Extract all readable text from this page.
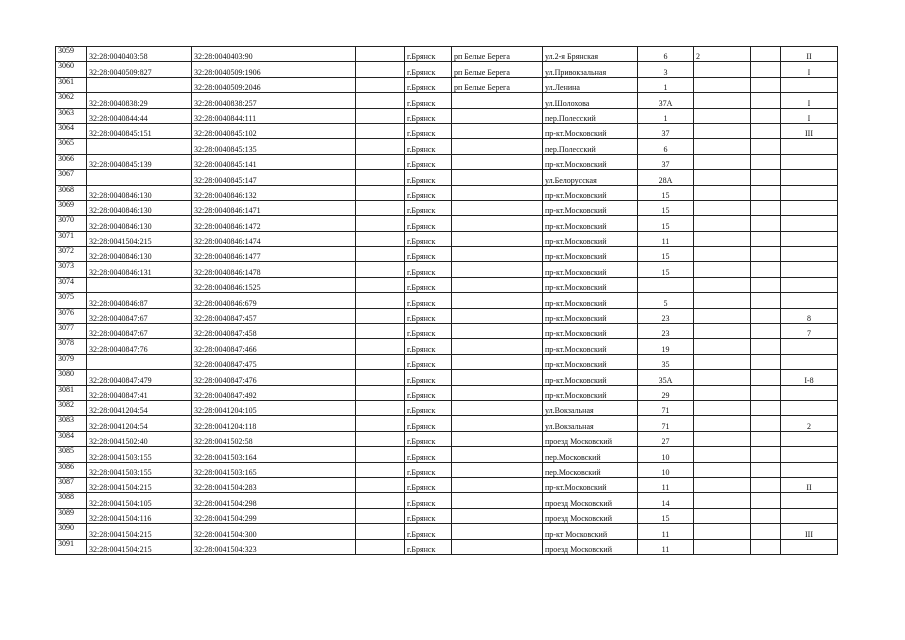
3059	32:28:0040403:58	32:28:0040403:90		г.Брянск	рп Белые Берега	ул.2-я Брянская	6	2		II
3060	32:28:0040509:827	32:28:0040509:1906		г.Брянск	рп Белые Берега	ул.Привокзальная	3			I
3061		32:28:0040509:2046		г.Брянск	рп Белые Берега	ул.Ленина	1			
3062	32:28:0040838:29	32:28:0040838:257		г.Брянск		ул.Шолохова	37А			I
3063	32:28:0040844:44	32:28:0040844:111		г.Брянск		пер.Полесский	1			I
3064	32:28:0040845:151	32:28:0040845:102		г.Брянск		пр-кт.Московский	37			III
3065		32:28:0040845:135		г.Брянск		пер.Полесский	6			
3066	32:28:0040845:139	32:28:0040845:141		г.Брянск		пр-кт.Московский	37			
3067		32:28:0040845:147		г.Брянск		ул.Белорусская	28А			
3068	32:28:0040846:130	32:28:0040846:132		г.Брянск		пр-кт.Московский	15			
3069	32:28:0040846:130	32:28:0040846:1471		г.Брянск		пр-кт.Московский	15			
3070	32:28:0040846:130	32:28:0040846:1472		г.Брянск		пр-кт.Московский	15			
3071	32:28:0041504:215	32:28:0040846:1474		г.Брянск		пр-кт.Московский	11			
3072	32:28:0040846:130	32:28:0040846:1477		г.Брянск		пр-кт.Московский	15			
3073	32:28:0040846:131	32:28:0040846:1478		г.Брянск		пр-кт.Московский	15			
3074		32:28:0040846:1525		г.Брянск		пр-кт.Московский				
3075	32:28:0040846:87	32:28:0040846:679		г.Брянск		пр-кт.Московский	5			
3076	32:28:0040847:67	32:28:0040847:457		г.Брянск		пр-кт.Московский	23			8
3077	32:28:0040847:67	32:28:0040847:458		г.Брянск		пр-кт.Московский	23			7
3078	32:28:0040847:76	32:28:0040847:466		г.Брянск		пр-кт.Московский	19			
3079		32:28:0040847:475		г.Брянск		пр-кт.Московский	35			
3080	32:28:0040847:479	32:28:0040847:476		г.Брянск		пр-кт.Московский	35А			I-8
3081	32:28:0040847:41	32:28:0040847:492		г.Брянск		пр-кт.Московский	29			
3082	32:28:0041204:54	32:28:0041204:105		г.Брянск		ул.Вокзальная	71			
3083	32:28:0041204:54	32:28:0041204:118		г.Брянск		ул.Вокзальная	71			2
3084	32:28:0041502:40	32:28:0041502:58		г.Брянск		проезд Московский	27			
3085	32:28:0041503:155	32:28:0041503:164		г.Брянск		пер.Московский	10			
3086	32:28:0041503:155	32:28:0041503:165		г.Брянск		пер.Московский	10			
3087	32:28:0041504:215	32:28:0041504:283		г.Брянск		пр-кт.Московский	11			II
3088	32:28:0041504:105	32:28:0041504:298		г.Брянск		проезд Московский	14			
3089	32:28:0041504:116	32:28:0041504:299		г.Брянск		проезд Московский	15			
3090	32:28:0041504:215	32:28:0041504:300		г.Брянск		пр-кт Московский	11			III
3091	32:28:0041504:215	32:28:0041504:323		г.Брянск		проезд Московский	11			
